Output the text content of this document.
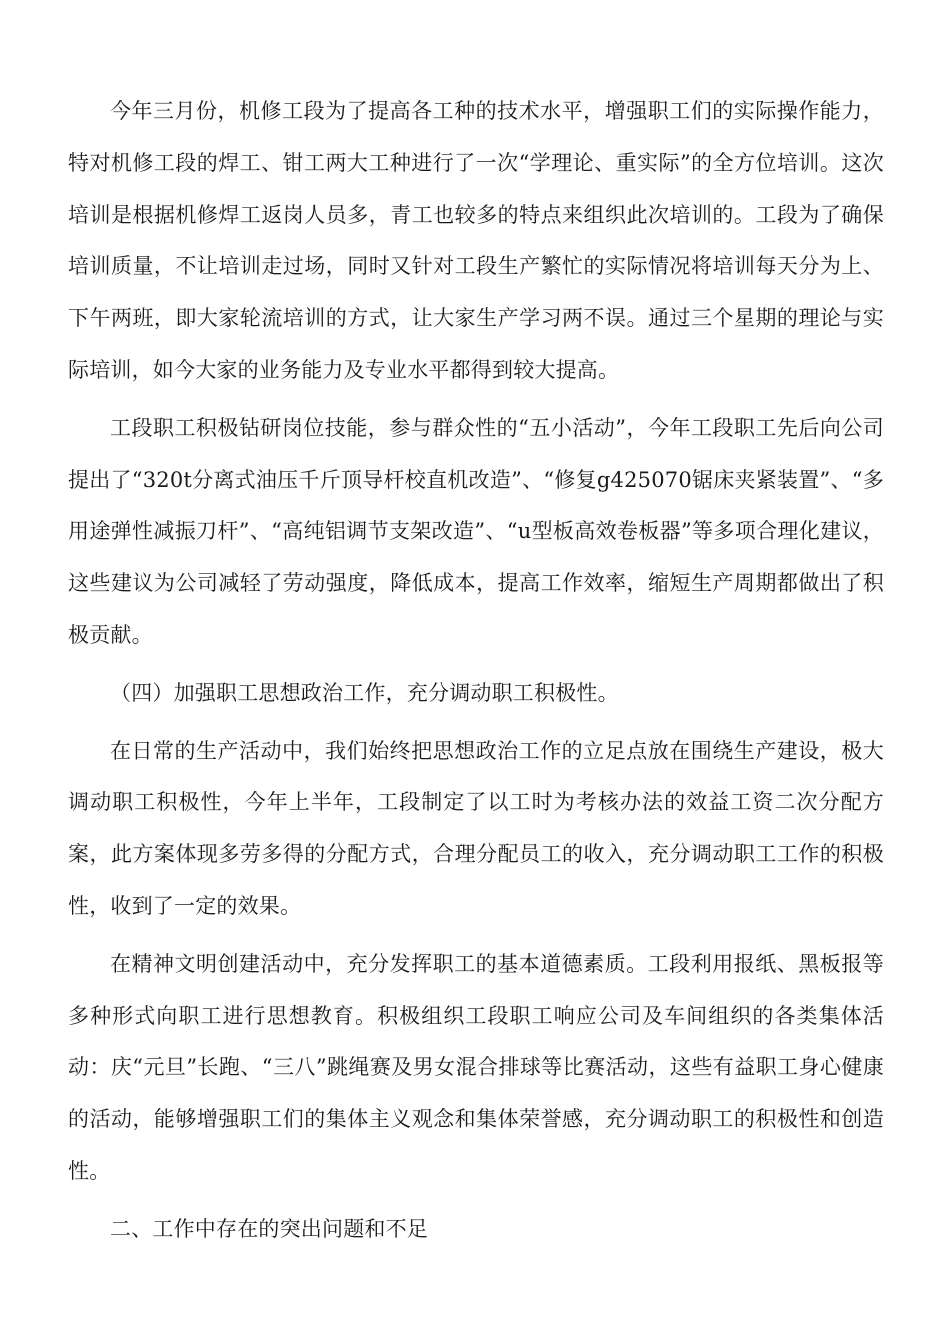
今年三月份，机修工段为了提高各工种的技术水平，增强职工们的实际操作能力，特对机修工段的焊工、钳工两大工种进行了一次“学理论、重实际”的全方位培训。这次培训是根据机修焊工返岗人员多，青工也较多的特点来组织此次培训的。工段为了确保培训质量，不让培训走过场，同时又针对工段生产繁忙的实际情况将培训每天分为上、下午两班，即大家轮流培训的方式，让大家生产学习两不误。通过三个星期的理论与实际培训，如今大家的业务能力及专业水平都得到较大提高。

工段职工积极钻研岗位技能，参与群众性的“五小活动”，今年工段职工先后向公司提出了“320t分离式油压千斤顶导杆校直机改造”、“修复g425070锯床夹紧装置”、“多用途弹性减振刀杆”、“高纯铝调节支架改造”、“u型板高效卷板器”等多项合理化建议，这些建议为公司减轻了劳动强度，降低成本，提高工作效率，缩短生产周期都做出了积极贡献。

（四）加强职工思想政治工作，充分调动职工积极性。

在日常的生产活动中，我们始终把思想政治工作的立足点放在围绕生产建设，极大调动职工积极性，今年上半年，工段制定了以工时为考核办法的效益工资二次分配方案，此方案体现多劳多得的分配方式，合理分配员工的收入，充分调动职工工作的积极性，收到了一定的效果。

在精神文明创建活动中，充分发挥职工的基本道德素质。工段利用报纸、黑板报等多种形式向职工进行思想教育。积极组织工段职工响应公司及车间组织的各类集体活动：庆“元旦”长跑、“三八”跳绳赛及男女混合排球等比赛活动，这些有益职工身心健康的活动，能够增强职工们的集体主义观念和集体荣誉感，充分调动职工的积极性和创造性。

二、工作中存在的突出问题和不足
